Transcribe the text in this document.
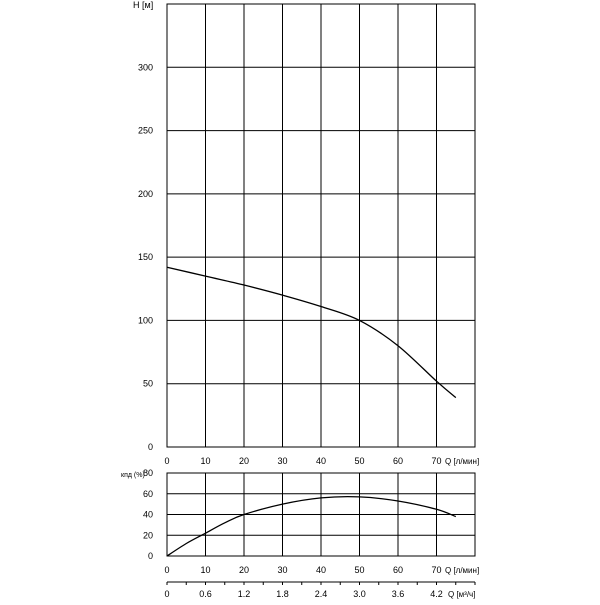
0
50
100
150
200
250
300
H [м]
0	10	20	30	40	50	60	70 Q [л/мин]
0
20
40
60
80
кпд (%)
0	10	20	30	40	50	60	70 Q [л/мин]
0	0.6	1.2	1.8	2.4	3.0	3.6	4.2 Q [м³/ч]
